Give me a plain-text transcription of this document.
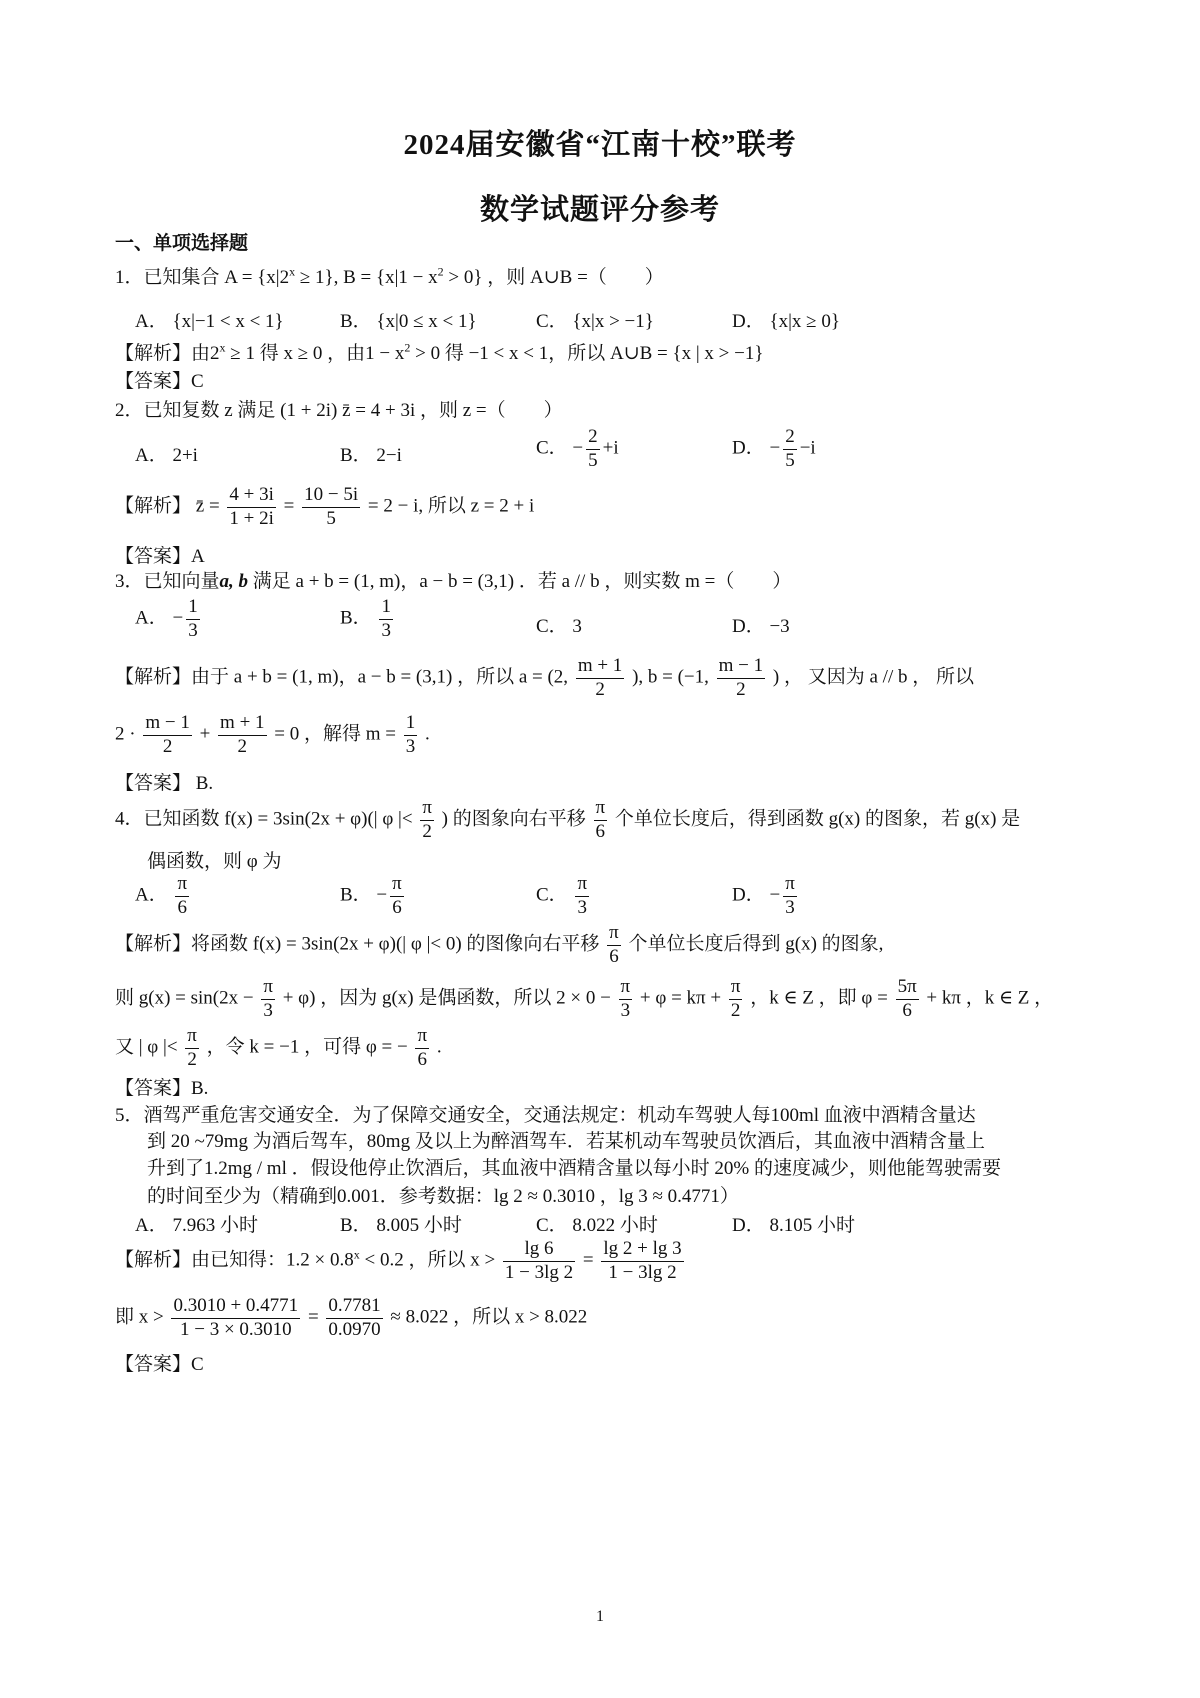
2024届安徽省“江南十校”联考
数学试题评分参考
一、单项选择题
1．已知集合 $A = \{x|2^x \ge 1\}$, $B = \{x|1 - x^2 > 0\}$ ，则 A∪B =（　　）
A． {x|−1 < x < 1}	B． {x|0 ≤ x < 1}	C． {x|x > −1}	D． {x|x ≥ 0}
【解析】由$2^x \ge 1$ 得 x ≥ 0 ，由$1 - x^2 > 0$ 得 −1 < x < 1，所以 A∪B = {x | x > −1}
【答案】C
2．已知复数 z 满足 (1 + 2i) z̄ = 4 + 3i ，则 z =（　　）
A． 2+i	B． 2−i	C． − $\frac{2}{5} +i$	D． − $\frac{2}{5} -i$
【解析】 z̄ = $\frac{4 + 3i}{1 + 2i} = \frac{10 - 5i}{5} = 2 - i$, 所以 z = 2 + i
【答案】A
3．已知向量a, b 满足 a + b = (1, m)，a − b = (3,1) ．若 a // b ，则实数 m =（　　）
A． − $\frac{1}{3}$	B． $\frac{1}{3}$	C． 3	D． −3
【解析】由于 a + b = (1, m)，a − b = (3,1) ，所以 a = (2, $\frac{m + 1}{2}$ ), b = (−1, $\frac{m - 1}{2}$ ) ， 又因为 a // b ， 所以
$2 \cdot \frac{m - 1}{2} + \frac{m + 1}{2} = 0$ ，解得 $m = \frac{1}{3}$ .
【答案】 B.
4．已知函数 f(x) = 3sin(2x + φ)(| φ |< $\frac{\pi}{2}$ ) 的图象向右平移 $\frac{\pi}{6}$ 个单位长度后，得到函数 g(x) 的图象，若 g(x) 是
偶函数，则 φ 为
A． $\frac{\pi}{6}$	B． − $\frac{\pi}{6}$	C． $\frac{\pi}{3}$	D． − $\frac{\pi}{3}$
【解析】将函数 f(x) = 3sin(2x + φ)(| φ |< 0) 的图像向右平移 $\frac{\pi}{6}$ 个单位长度后得到 g(x) 的图象,
则 $g(x) = \sin(2x - \frac{\pi}{3} + \varphi)$ ，因为 g(x) 是偶函数，所以 $2 \times 0 - \frac{\pi}{3} + \varphi = k\pi + \frac{\pi}{2}$ ，k ∈ Z ，即 $\varphi = \frac{5\pi}{6} + k\pi$ ，k ∈ Z ，
又 | φ |< $\frac{\pi}{2}$ ，令 k = −1 ，可得 φ = − $\frac{\pi}{6}$ .
【答案】B.
5．酒驾严重危害交通安全．为了保障交通安全，交通法规定：机动车驾驶人每100ml 血液中酒精含量达
到 20 ~79mg 为酒后驾车，80mg 及以上为醉酒驾车．若某机动车驾驶员饮酒后，其血液中酒精含量上
升到了1.2mg / ml ．假设他停止饮酒后，其血液中酒精含量以每小时 20% 的速度减少，则他能驾驶需要
的时间至少为（精确到0.001．参考数据：lg 2 ≈ 0.3010 ，lg 3 ≈ 0.4771）
A． 7.963 小时	B． 8.005 小时	C． 8.022 小时	D． 8.105 小时
【解析】由已知得：$1.2 \times 0.8^x < 0.2$ ，所以 $x > \frac{\lg 6}{1 - 3\lg 2} = \frac{\lg 2 + \lg 3}{1 - 3\lg 2}$
即 $x > \frac{0.3010 + 0.4771}{1 - 3 \times 0.3010} = \frac{0.7781}{0.0970} \approx 8.022$ ，所以 x > 8.022
【答案】C
1
